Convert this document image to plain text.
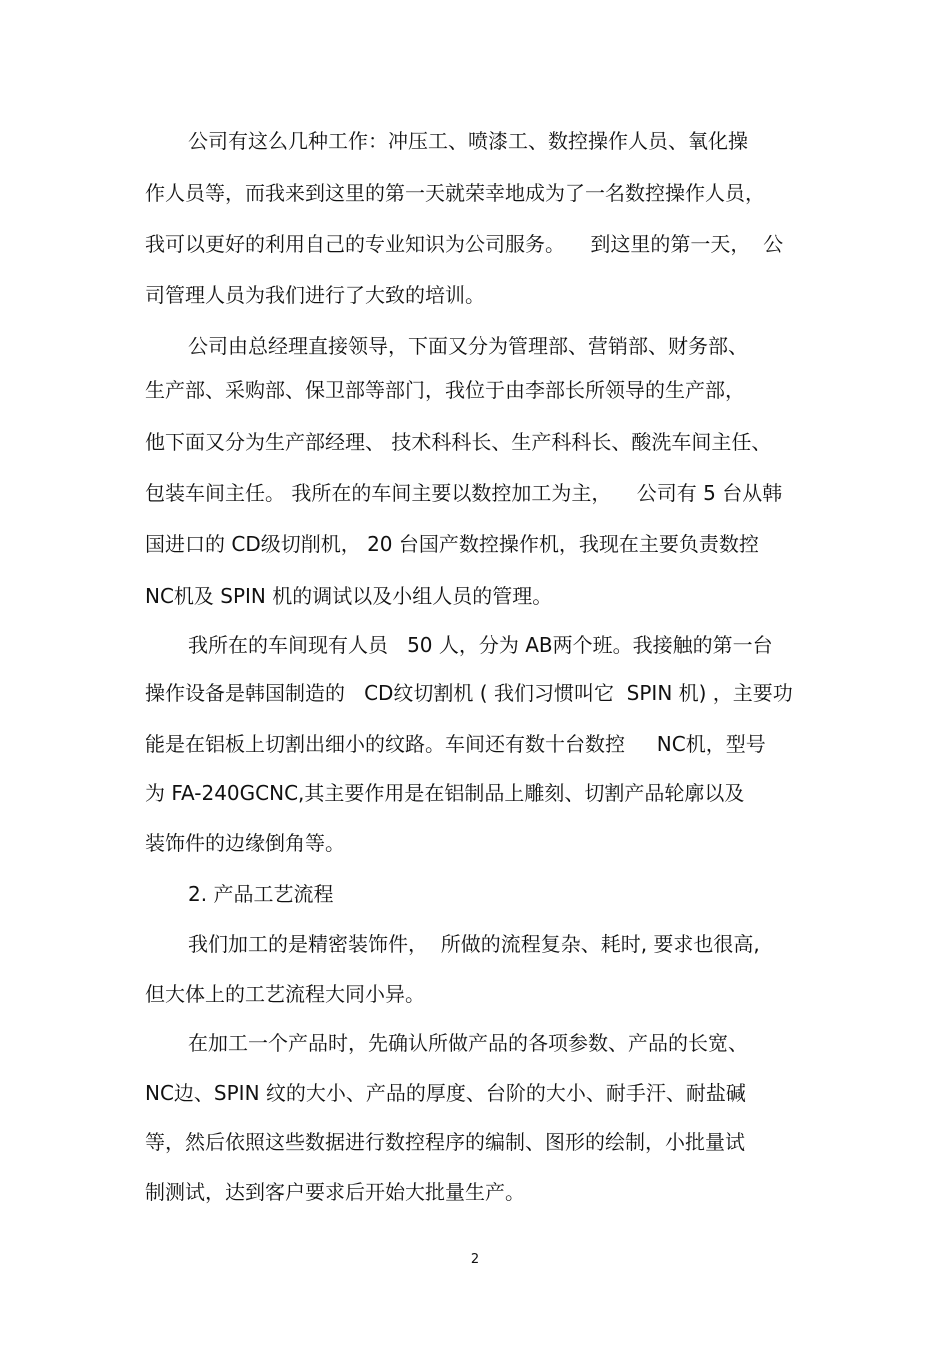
公司有这么几种工作：冲压工、喷漆工、数控操作人员、氧化操
作人员等，而我来到这里的第一天就荣幸地成为了一名数控操作人员，
我可以更好的利用自己的专业知识为公司服务。    到这里的第一天，  公
司管理人员为我们进行了大致的培训。
公司由总经理直接领导，下面又分为管理部、营销部、财务部、
生产部、采购部、保卫部等部门，我位于由李部长所领导的生产部，
他下面又分为生产部经理、 技术科科长、生产科科长、酸洗车间主任、
包装车间主任。 我所在的车间主要以数控加工为主，    公司有 5 台从韩
国进口的 CD级切削机， 20 台国产数控操作机，我现在主要负责数控
NC机及 SPIN 机的调试以及小组人员的管理。
我所在的车间现有人员   50 人，分为 AB两个班。我接触的第一台
操作设备是韩国制造的   CD纹切割机 ( 我们习惯叫它  SPIN 机) ，主要功
能是在铝板上切割出细小的纹路。车间还有数十台数控     NC机，型号
为 FA-240GCNC,其主要作用是在铝制品上雕刻、切割产品轮廓以及
装饰件的边缘倒角等。
2. 产品工艺流程
我们加工的是精密装饰件，  所做的流程复杂、耗时, 要求也很高,
但大体上的工艺流程大同小异。
在加工一个产品时，先确认所做产品的各项参数、产品的长宽、
NC边、SPIN 纹的大小、产品的厚度、台阶的大小、耐手汗、耐盐碱
等，然后依照这些数据进行数控程序的编制、图形的绘制，小批量试
制测试，达到客户要求后开始大批量生产。
2
